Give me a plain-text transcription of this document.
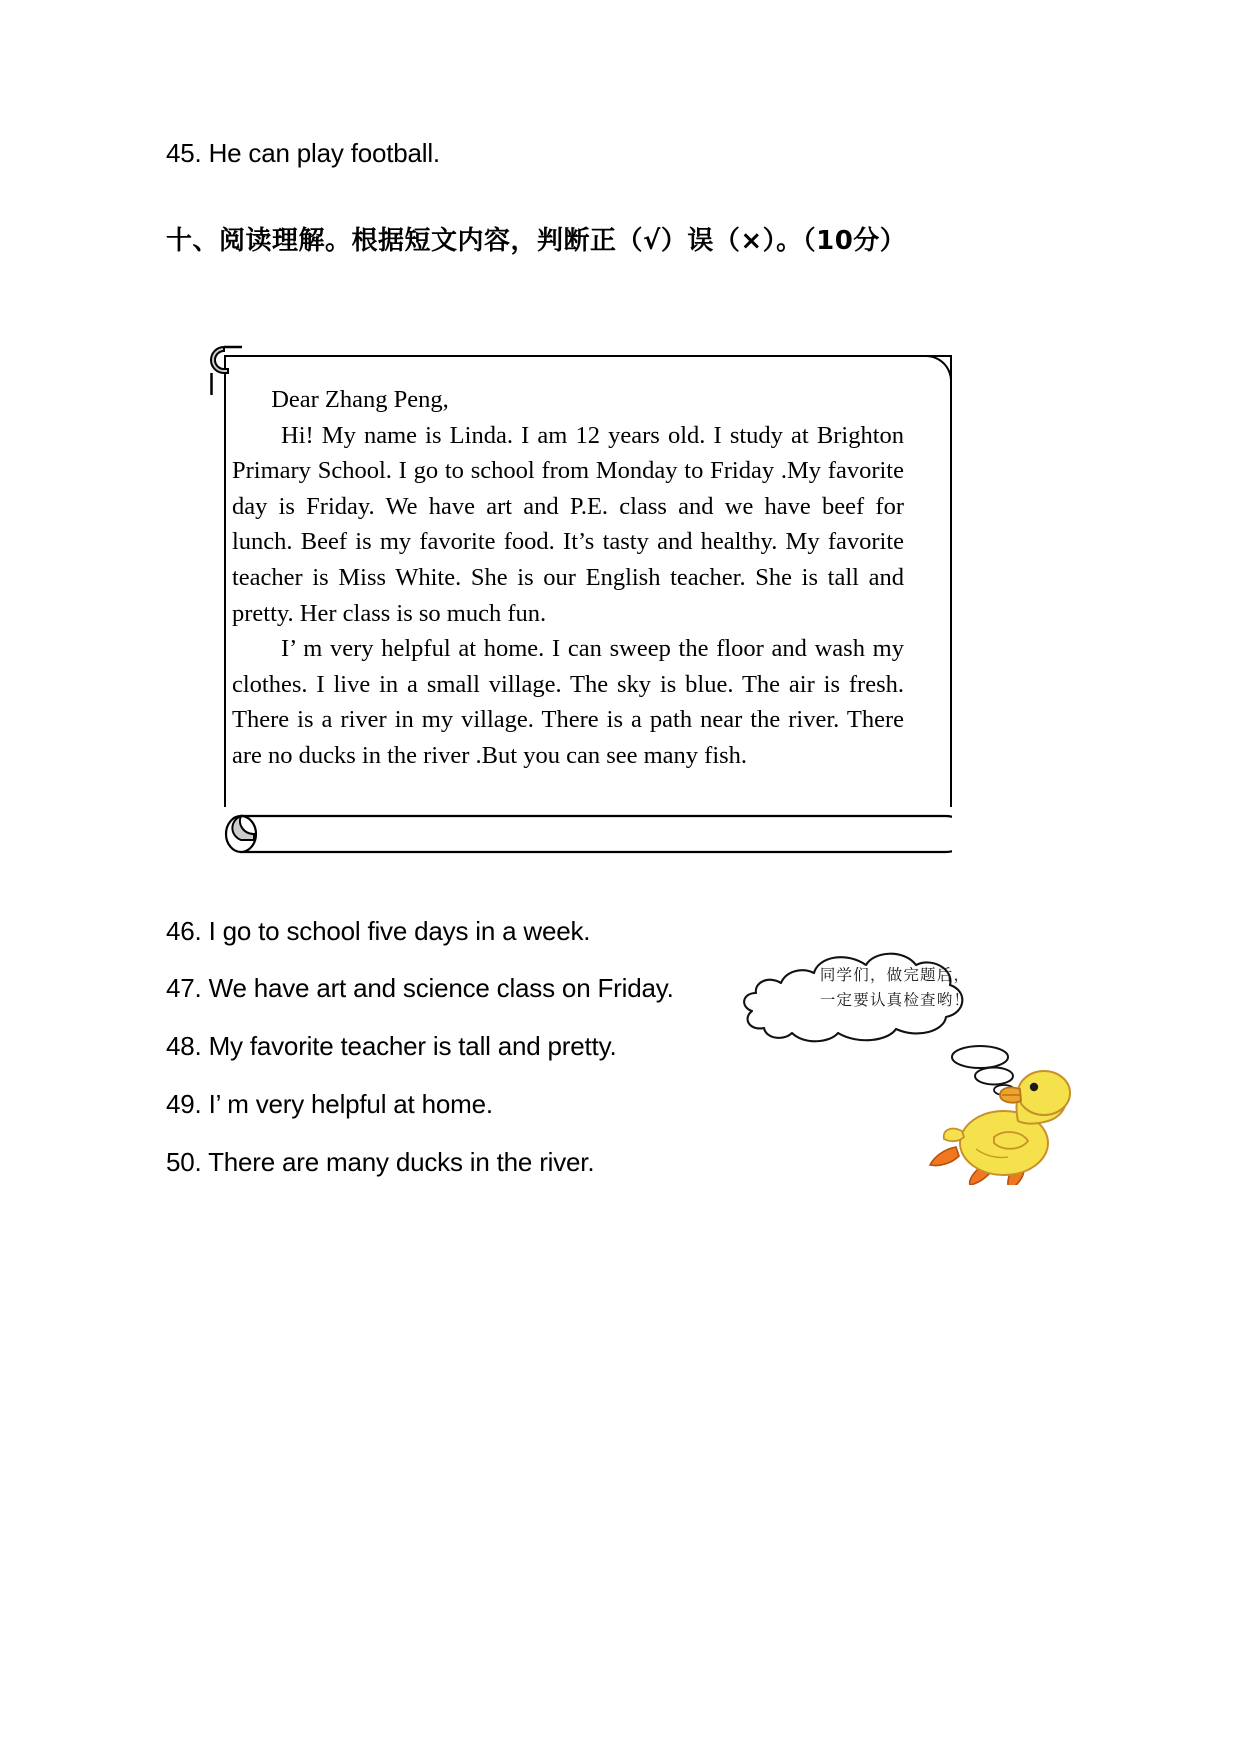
45. He can play football.
十、阅读理解。根据短文内容，判断正（√）误（×）。（10分）

Dear Zhang Peng,

Hi! My name is Linda. I am 12 years old. I study at Brighton Primary School. I go to school from Monday to Friday .My favorite day is Friday. We have art and P.E. class and we have beef for lunch. Beef is my favorite food. It’s tasty and healthy. My favorite teacher is Miss White. She is our English teacher. She is tall and pretty. Her class is so much fun.

I’ m very helpful at home. I can sweep the floor and wash my clothes. I live in a small village. The sky is blue. The air is fresh. There is a river in my village. There is a path near the river. There are no ducks in the river .But you can see many fish.

46. I go to school five days in a week.
47. We have art and science class on Friday.
48. My favorite teacher is tall and pretty.
49. I’ m very helpful at home.
50. There are many ducks in the river.
同学们，做完题后，
一定要认真检查哟！
